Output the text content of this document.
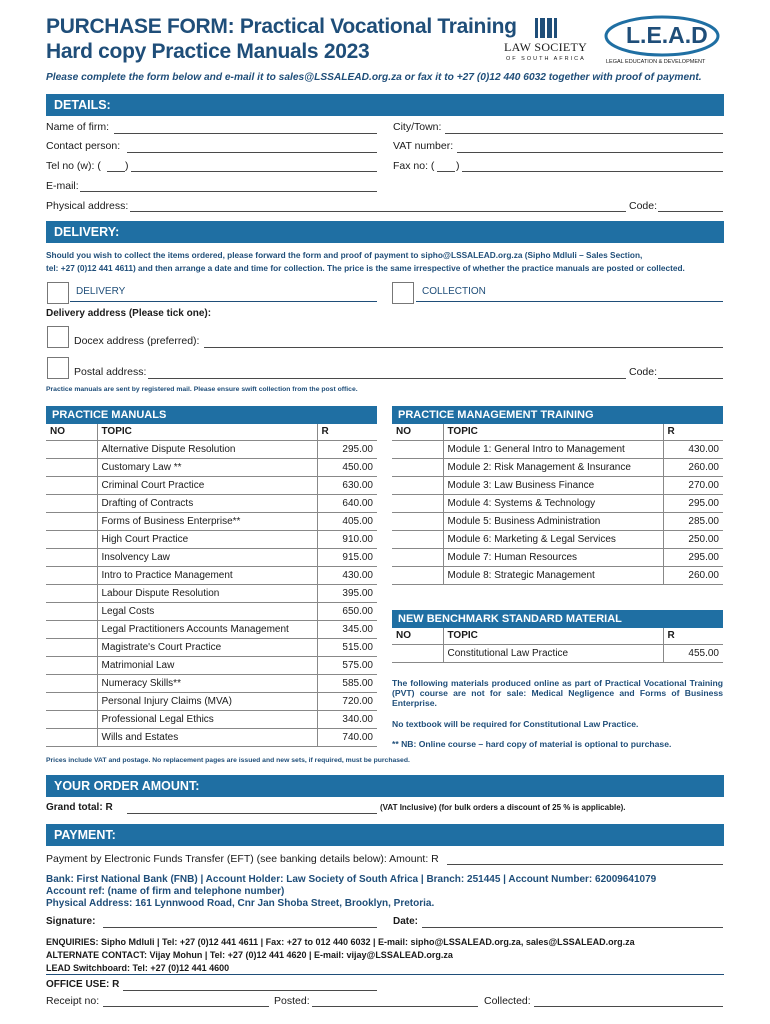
PURCHASE FORM: Practical Vocational Training
Hard copy Practice Manuals 2023	LAW SOCIETY
OF SOUTH AFRICA
L.E.A.D
LEGAL EDUCATION & DEVELOPMENT
Please complete the form below and e-mail it to sales@LSSALEAD.org.za or fax it to +27 (0)12 440 6032 together with proof of payment.
DETAILS:
Name of firm:	City/Town:
Contact person:	VAT number:
Tel no (w): ( )	Fax no: ( )
E-mail:
Physical address:	Code:
DELIVERY:
Should you wish to collect the items ordered, please forward the form and proof of payment to sipho@LSSALEAD.org.za (Sipho Mdluli – Sales Section,
tel: +27 (0)12 441 4611) and then arrange a date and time for collection. The price is the same irrespective of whether the practice manuals are posted or collected.
DELIVERY	COLLECTION
Delivery address (Please tick one):
Docex address (preferred):
Postal address:	Code:
Practice manuals are sent by registered mail. Please ensure swift collection from the post office.
PRACTICE MANUALS
NO	TOPIC	R
	Alternative Dispute Resolution	295.00
	Customary Law **	450.00
	Criminal Court Practice	630.00
	Drafting of Contracts	640.00
	Forms of Business Enterprise**	405.00
	High Court Practice	910.00
	Insolvency Law	915.00
	Intro to Practice Management	430.00
	Labour Dispute Resolution	395.00
	Legal Costs	650.00
	Legal Practitioners Accounts Management	345.00
	Magistrate's Court Practice	515.00
	Matrimonial Law	575.00
	Numeracy Skills**	585.00
	Personal Injury Claims (MVA)	720.00
	Professional Legal Ethics	340.00
	Wills and Estates	740.00
Prices include VAT and postage. No replacement pages are issued and new sets, if required, must be purchased.
PRACTICE MANAGEMENT TRAINING
NO	TOPIC	R
	Module 1: General Intro to Management	430.00
	Module 2: Risk Management & Insurance	260.00
	Module 3: Law Business Finance	270.00
	Module 4: Systems & Technology	295.00
	Module 5: Business Administration	285.00
	Module 6: Marketing & Legal Services	250.00
	Module 7: Human Resources	295.00
	Module 8: Strategic Management	260.00
NEW BENCHMARK STANDARD MATERIAL
NO	TOPIC	R
	Constitutional Law Practice	455.00
The following materials produced online as part of Practical Vocational Training (PVT) course are not for sale: Medical Negligence and Forms of Business Enterprise.
No textbook will be required for Constitutional Law Practice.
** NB: Online course – hard copy of material is optional to purchase.
YOUR ORDER AMOUNT:
Grand total: R	(VAT Inclusive) (for bulk orders a discount of 25 % is applicable).
PAYMENT:
Payment by Electronic Funds Transfer (EFT) (see banking details below): Amount: R
Bank: First National Bank (FNB) | Account Holder: Law Society of South Africa | Branch: 251445 | Account Number: 62009641079
Account ref: (name of firm and telephone number)
Physical Address: 161 Lynnwood Road, Cnr Jan Shoba Street, Brooklyn, Pretoria.
Signature:	Date:
ENQUIRIES: Sipho Mdluli | Tel: +27 (0)12 441 4611 | Fax: +27 to 012 440 6032 | E-mail: sipho@LSSALEAD.org.za, sales@LSSALEAD.org.za
ALTERNATE CONTACT: Vijay Mohun | Tel: +27 (0)12 441 4620 | E-mail: vijay@LSSALEAD.org.za
LEAD Switchboard: Tel: +27 (0)12 441 4600
OFFICE USE: R
Receipt no:	Posted:	Collected:
